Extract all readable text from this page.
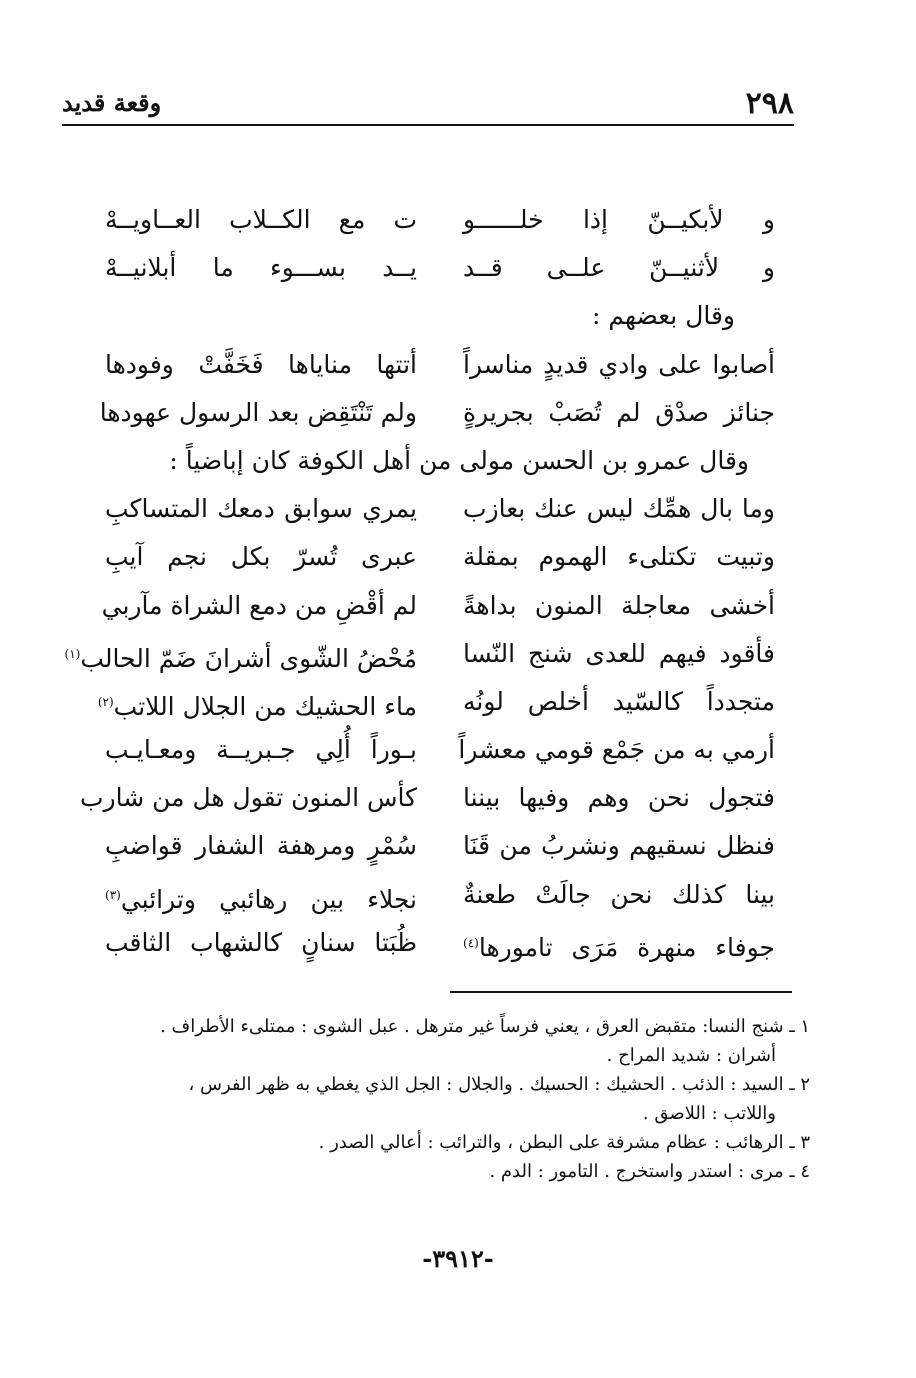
٢٩٨
وقعة قديد
و لأبكيــنّ إذا خلــــــو
ت مع الكــلاب العــاويــهْ
و لأثنيــنّ علــى قــد
يــد بســـوء ما أبلانيــهْ
وقال بعضهم :
أصابوا على وادي قديدٍ مناسراً
أتتها مناياها فَخَفَّتْ وفودها
جنائز صدْق لم تُصَبْ بجريرةٍ
ولم تَنْتَقِض بعد الرسول عهودها
وقال عمرو بن الحسن مولى من أهل الكوفة كان إباضياً :
وما بال همِّك ليس عنك بعازب
يمري سوابق دمعك المتساكبِ
وتبيت تكتلىء الهموم بمقلة
عبرى تُسرّ بكل نجم آيبِ
أخشى معاجلة المنون بداهةً
لم أقْضِ من دمع الشراة مآربي
فأقود فيهم للعدى شنج النّسا
مُحْضُ الشّوى أشرانَ ضَمّ الحالب$^{(١)}$
متجدداً كالسّيد أخلص لونُه
ماء الحشيك من الجلال اللاتب$^{(٢)}$
أرمي به من جَمْع قومي معشراً
بـوراً أُلِي جـبريــة ومعـايـب
فتجول نحن وهم وفيها بيننا
كأس المنون تقول هل من شارب
فنظل نسقيهم ونشربُ من قَنَا
سُمْرٍ ومرهفة الشفار قواضبِ
بينا كذلك نحن جالَتْ طعنةٌ
نجلاء بين رهائبي وترائبي$^{(٣)}$
جوفاء منهرة مَرَى تامورها$^{(٤)}$
ظُبَتا سنانٍ كالشهاب الثاقب
١ ـ شنج النسا: متقبض العرق ، يعني فرساً غير مترهل . عبل الشوى : ممتلىء الأطراف .
أشران : شديد المراح .
٢ ـ السيد : الذئب . الحشيك : الحسيك . والجلال : الجل الذي يغطي به ظهر الفرس ،
واللاتب : اللاصق .
٣ ـ الرهائب : عظام مشرفة على البطن ، والترائب : أعالي الصدر .
٤ ـ مرى : استدر واستخرج . التامور : الدم .
-٣٩١٢-
